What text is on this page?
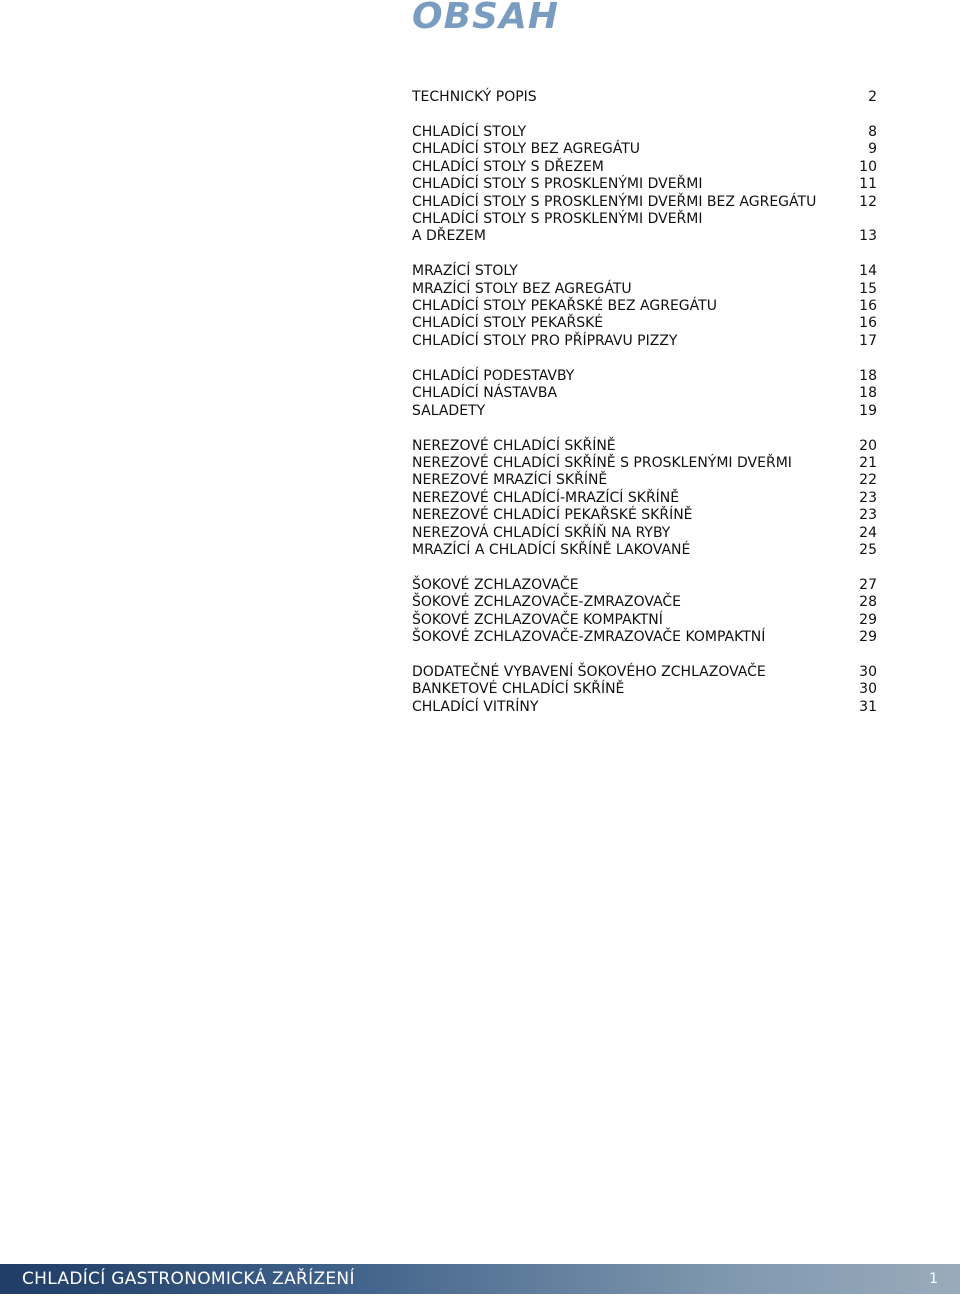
OBSAH
TECHNICKÝ POPIS	2
CHLADÍCÍ STOLY	8
CHLADÍCÍ STOLY BEZ AGREGÁTU	9
CHLADÍCÍ STOLY S DŘEZEM	10
CHLADÍCÍ STOLY S PROSKLENÝMI DVEŘMI	11
CHLADÍCÍ STOLY S PROSKLENÝMI DVEŘMI BEZ AGREGÁTU	12
CHLADÍCÍ STOLY S PROSKLENÝMI DVEŘMI
A DŘEZEM	13
MRAZÍCÍ STOLY	14
MRAZÍCÍ STOLY BEZ AGREGÁTU	15
CHLADÍCÍ STOLY PEKAŘSKÉ BEZ AGREGÁTU	16
CHLADÍCÍ STOLY PEKAŘSKÉ	16
CHLADÍCÍ STOLY PRO PŘÍPRAVU PIZZY	17
CHLADÍCÍ PODESTAVBY	18
CHLADÍCÍ NÁSTAVBA	18
SALADETY	19
NEREZOVÉ CHLADÍCÍ SKŘÍNĚ	20
NEREZOVÉ CHLADÍCÍ SKŘÍNĚ S PROSKLENÝMI DVEŘMI	21
NEREZOVÉ MRAZÍCÍ SKŘÍNĚ	22
NEREZOVÉ CHLADÍCÍ-MRAZÍCÍ SKŘÍNĚ	23
NEREZOVÉ CHLADÍCÍ PEKAŘSKÉ SKŘÍNĚ	23
NEREZOVÁ CHLADÍCÍ SKŘÍŇ NA RYBY	24
MRAZÍCÍ A CHLADÍCÍ SKŘÍNĚ LAKOVANÉ	25
ŠOKOVÉ ZCHLAZOVAČE	27
ŠOKOVÉ ZCHLAZOVAČE-ZMRAZOVAČE	28
ŠOKOVÉ ZCHLAZOVAČE KOMPAKTNÍ	29
ŠOKOVÉ ZCHLAZOVAČE-ZMRAZOVAČE KOMPAKTNÍ	29
DODATEČNÉ VYBAVENÍ ŠOKOVÉHO ZCHLAZOVAČE	30
BANKETOVÉ CHLADÍCÍ SKŘÍNĚ	30
CHLADÍCÍ VITRÍNY	31
CHLADÍCÍ GASTRONOMICKÁ ZAŘÍZENÍ	1
